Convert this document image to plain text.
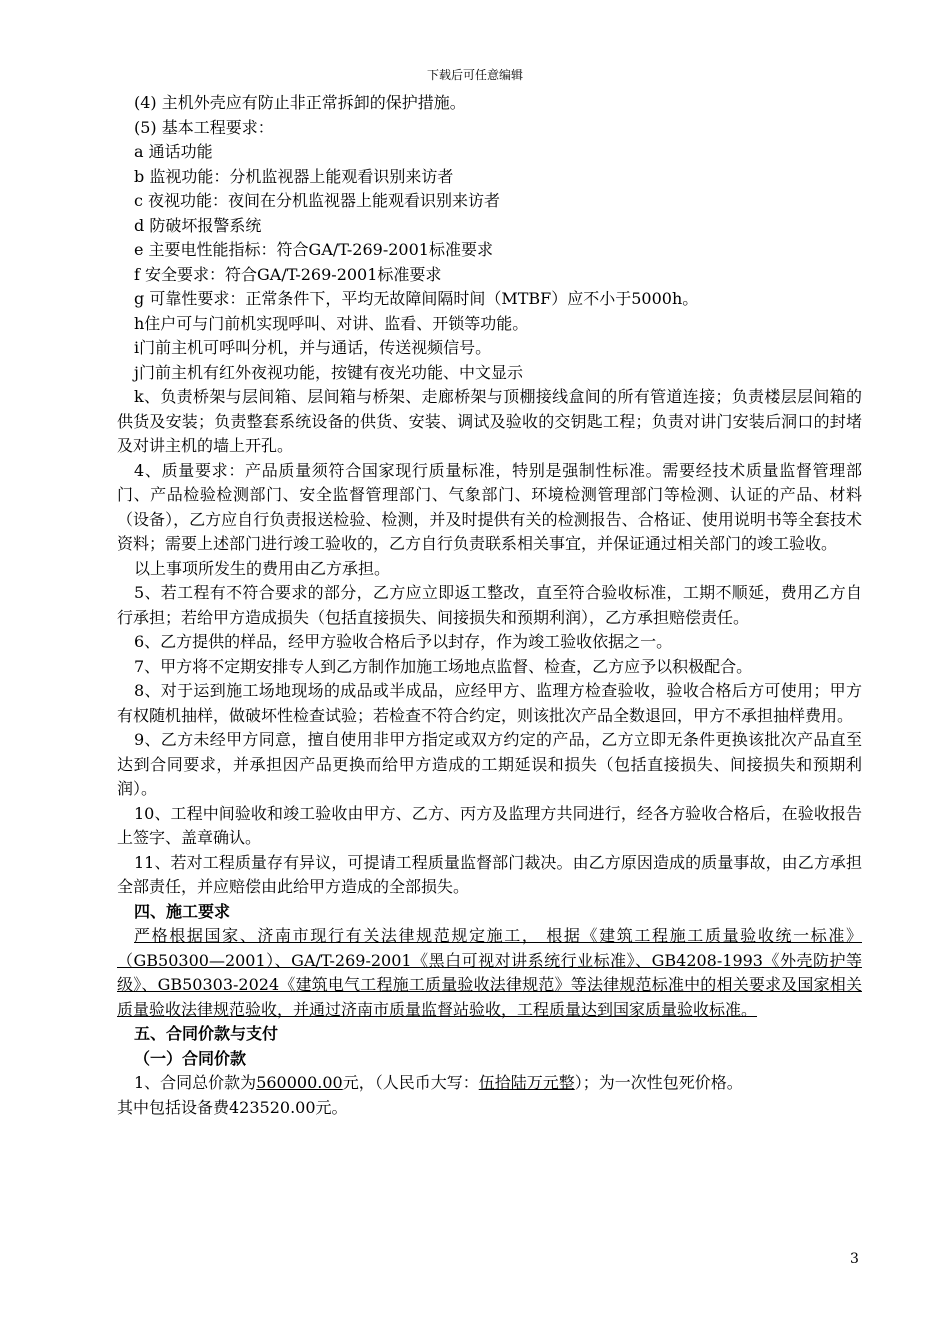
下载后可任意编辑

(4) 主机外壳应有防止非正常拆卸的保护措施。

(5) 基本工程要求：

a 通话功能

b 监视功能：分机监视器上能观看识别来访者

c 夜视功能：夜间在分机监视器上能观看识别来访者

d 防破坏报警系统

e 主要电性能指标：符合GA/T-269-2001标准要求

f 安全要求：符合GA/T-269-2001标准要求

g 可靠性要求：正常条件下，平均无故障间隔时间（MTBF）应不小于5000h。

h住户可与门前机实现呼叫、对讲、监看、开锁等功能。

i门前主机可呼叫分机，并与通话，传送视频信号。

j门前主机有红外夜视功能，按键有夜光功能、中文显示

k、负责桥架与层间箱、层间箱与桥架、走廊桥架与顶棚接线盒间的所有管道连接；负责楼层层间箱的供货及安装；负责整套系统设备的供货、安装、调试及验收的交钥匙工程；负责对讲门安装后洞口的封堵及对讲主机的墙上开孔。

4、质量要求：产品质量须符合国家现行质量标准，特别是强制性标准。需要经技术质量监督管理部门、产品检验检测部门、安全监督管理部门、气象部门、环境检测管理部门等检测、认证的产品、材料（设备），乙方应自行负责报送检验、检测，并及时提供有关的检测报告、合格证、使用说明书等全套技术资料；需要上述部门进行竣工验收的，乙方自行负责联系相关事宜，并保证通过相关部门的竣工验收。

以上事项所发生的费用由乙方承担。

5、若工程有不符合要求的部分，乙方应立即返工整改，直至符合验收标准，工期不顺延，费用乙方自行承担；若给甲方造成损失（包括直接损失、间接损失和预期利润），乙方承担赔偿责任。

6、乙方提供的样品，经甲方验收合格后予以封存，作为竣工验收依据之一。

7、甲方将不定期安排专人到乙方制作加施工场地点监督、检查，乙方应予以积极配合。

8、对于运到施工场地现场的成品或半成品，应经甲方、监理方检查验收，验收合格后方可使用；甲方有权随机抽样，做破坏性检查试验；若检查不符合约定，则该批次产品全数退回，甲方不承担抽样费用。

9、乙方未经甲方同意，擅自使用非甲方指定或双方约定的产品，乙方立即无条件更换该批次产品直至达到合同要求，并承担因产品更换而给甲方造成的工期延误和损失（包括直接损失、间接损失和预期利润）。

10、工程中间验收和竣工验收由甲方、乙方、丙方及监理方共同进行，经各方验收合格后，在验收报告上签字、盖章确认。

11、若对工程质量存有异议，可提请工程质量监督部门裁决。由乙方原因造成的质量事故，由乙方承担全部责任，并应赔偿由此给甲方造成的全部损失。

四、施工要求

严格根据国家、济南市现行有关法律规范规定施工， 根据《建筑工程施工质量验收统一标准》（GB50300—2001）、GA/T-269-2001《黑白可视对讲系统行业标准》、GB4208-1993《外壳防护等级》、GB50303-2024《建筑电气工程施工质量验收法律规范》等法律规范标准中的相关要求及国家相关质量验收法律规范验收，并通过济南市质量监督站验收，工程质量达到国家质量验收标准。

五、合同价款与支付

（一）合同价款

1、合同总价款为560000.00元，（人民币大写：伍拾陆万元整）；为一次性包死价格。

其中包括设备费423520.00元。

3
